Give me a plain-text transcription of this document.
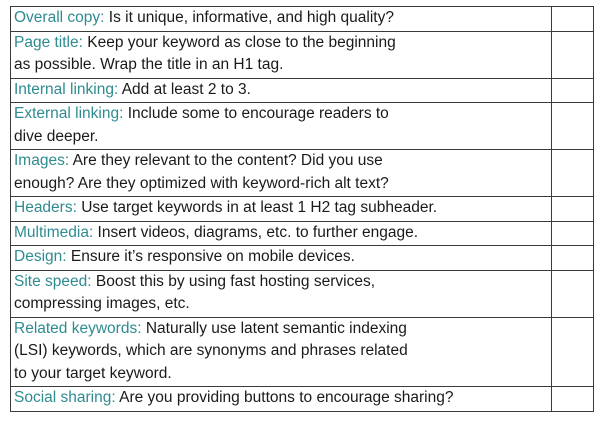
Overall copy: Is it unique, informative, and high quality?	

Page title: Keep your keyword as close to the beginning
as possible. Wrap the title in an H1 tag.	

Internal linking: Add at least 2 to 3.	

External linking: Include some to encourage readers to
dive deeper.	

Images: Are they relevant to the content? Did you use
enough? Are they optimized with keyword-rich alt text?	

Headers: Use target keywords in at least 1 H2 tag subheader.	

Multimedia: Insert videos, diagrams, etc. to further engage.	

Design: Ensure it’s responsive on mobile devices.	

Site speed: Boost this by using fast hosting services,
compressing images, etc.	

Related keywords: Naturally use latent semantic indexing
(LSI) keywords, which are synonyms and phrases related
to your target keyword.	

Social sharing: Are you providing buttons to encourage sharing?	
